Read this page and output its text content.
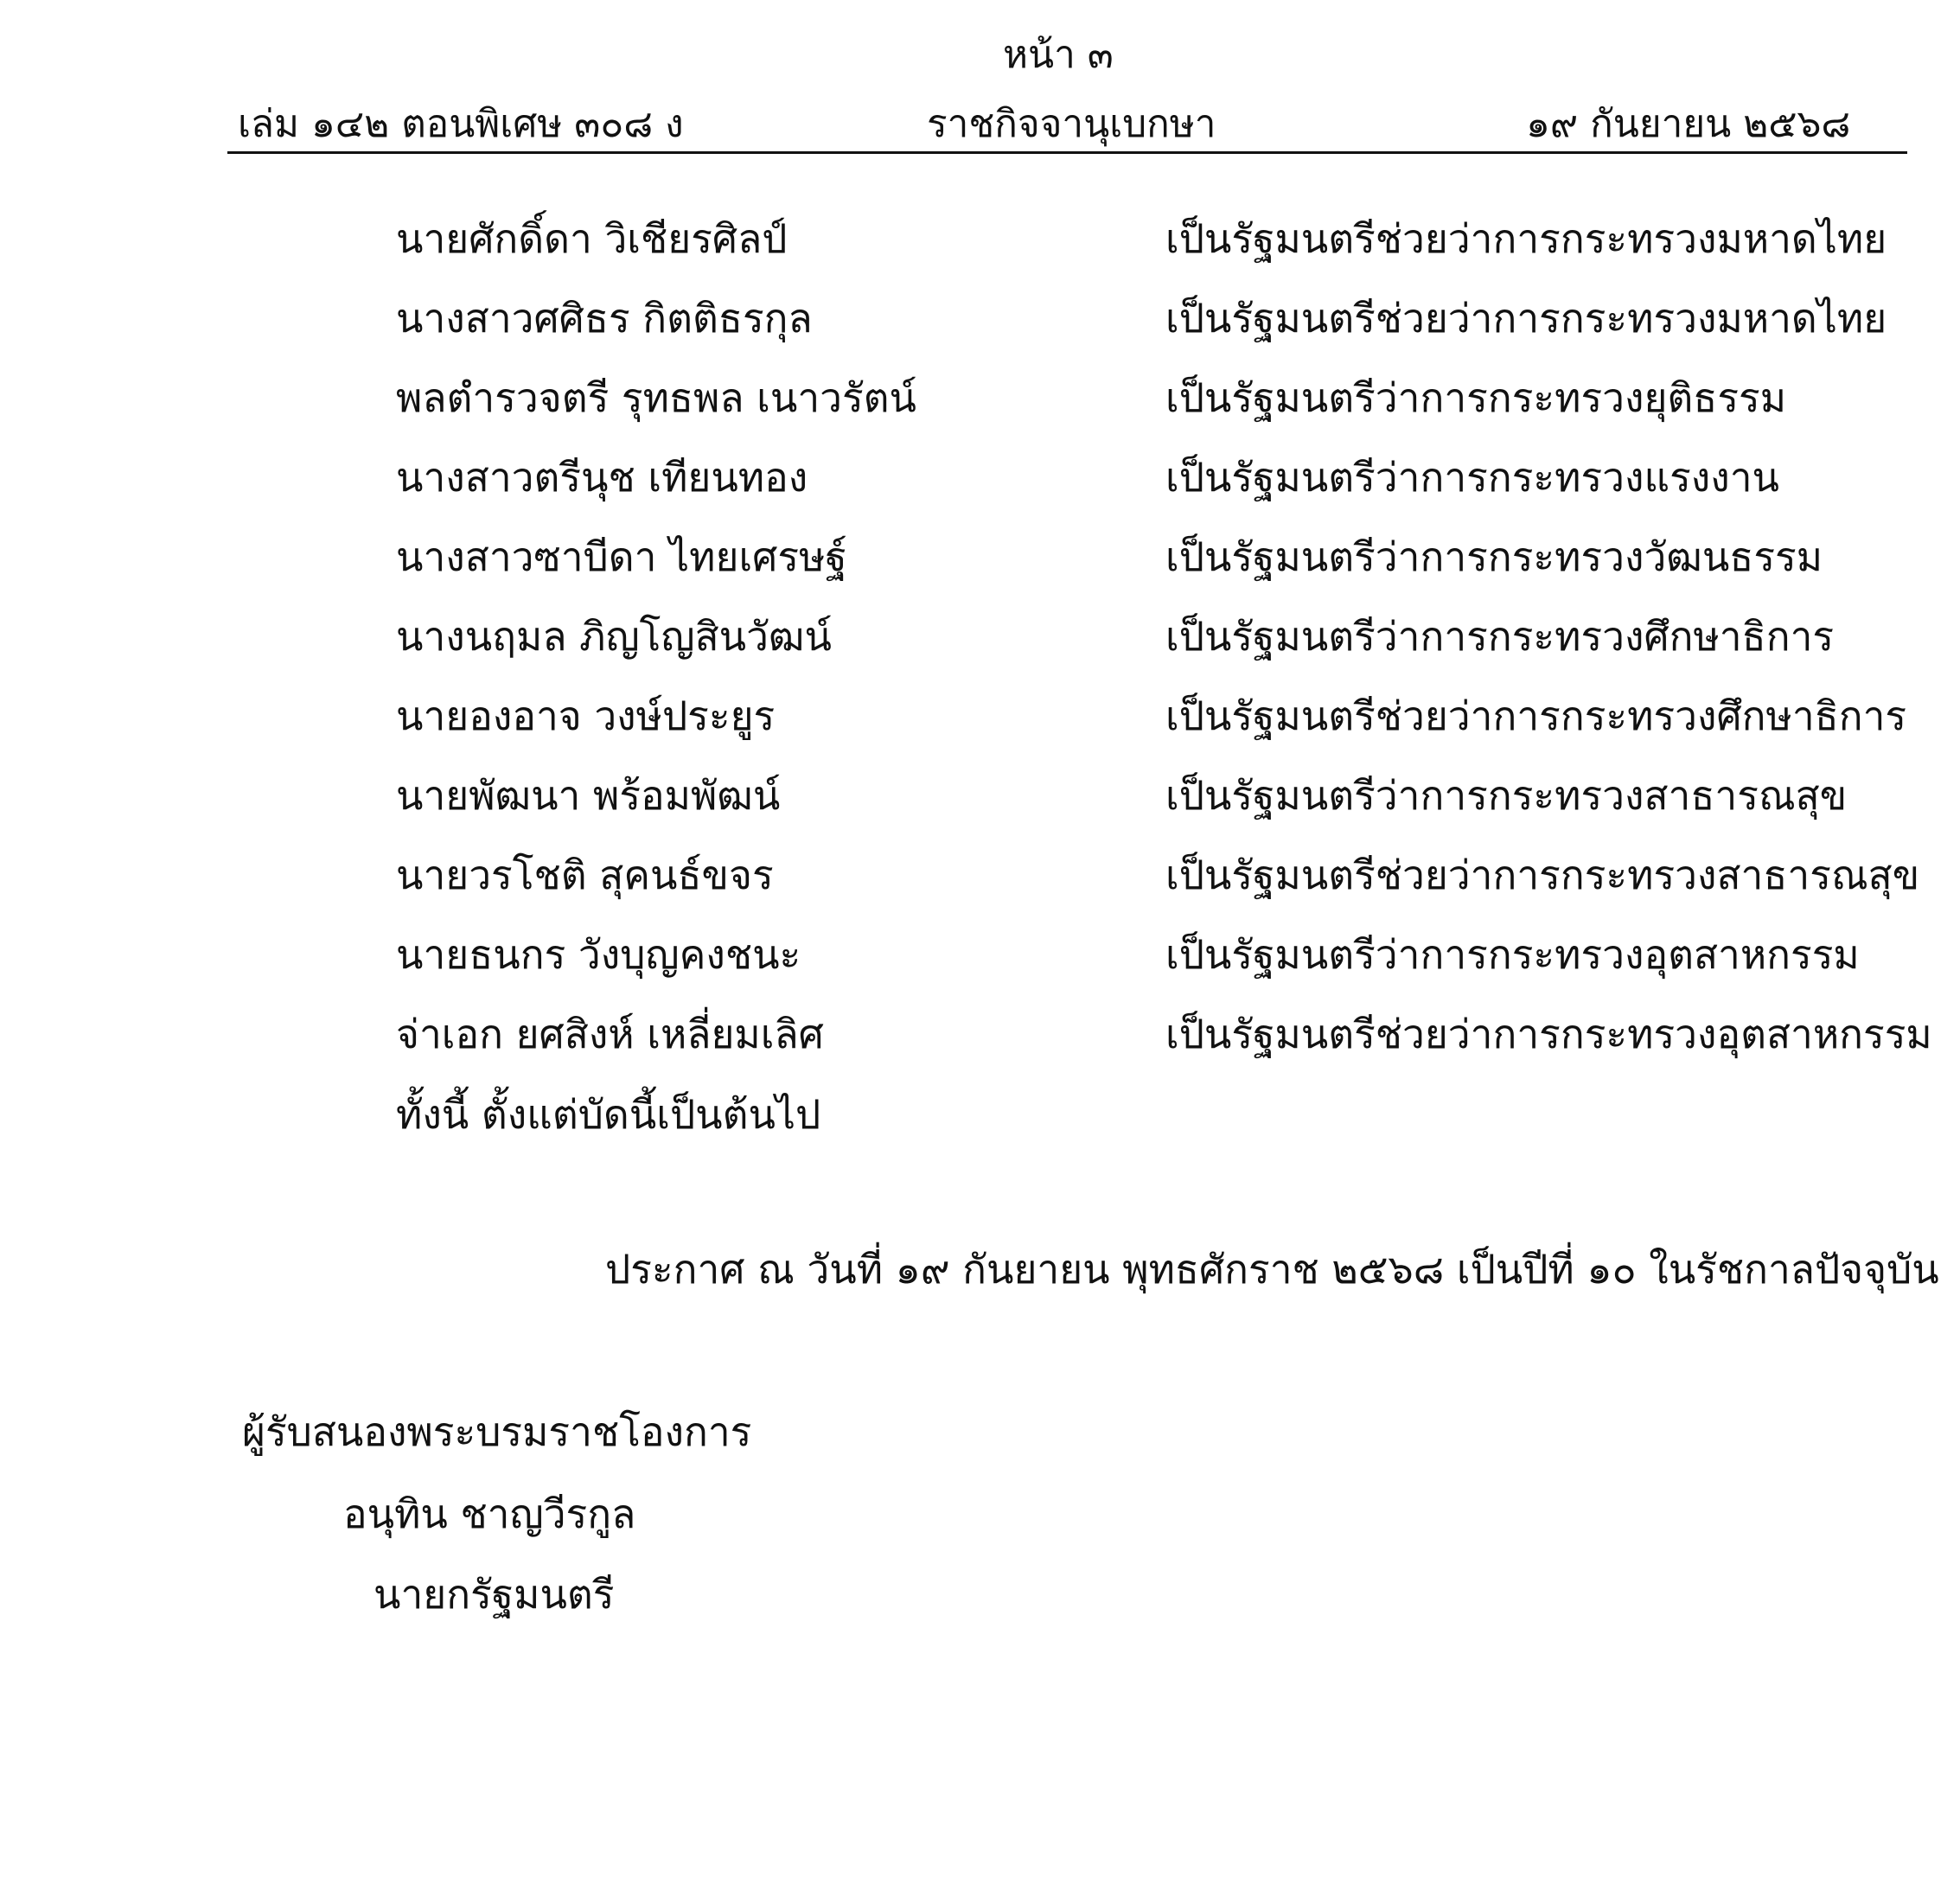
หน้า ๓
เล่ม ๑๔๒ ตอนพิเศษ ๓๐๘ ง	ราชกิจจานุเบกษา	๑๙ กันยายน ๒๕๖๘
นายศักดิ์ดา วิเชียรศิลป์	เป็นรัฐมนตรีช่วยว่าการกระทรวงมหาดไทย
นางสาวศศิธร กิตติธรกุล	เป็นรัฐมนตรีช่วยว่าการกระทรวงมหาดไทย
พลตำรวจตรี รุทธพล เนาวรัตน์	เป็นรัฐมนตรีว่าการกระทรวงยุติธรรม
นางสาวตรีนุช เทียนทอง	เป็นรัฐมนตรีว่าการกระทรวงแรงงาน
นางสาวซาบีดา ไทยเศรษฐ์	เป็นรัฐมนตรีว่าการกระทรวงวัฒนธรรม
นางนฤมล ภิญโญสินวัฒน์	เป็นรัฐมนตรีว่าการกระทรวงศึกษาธิการ
นายองอาจ วงษ์ประยูร	เป็นรัฐมนตรีช่วยว่าการกระทรวงศึกษาธิการ
นายพัฒนา พร้อมพัฒน์	เป็นรัฐมนตรีว่าการกระทรวงสาธารณสุข
นายวรโชติ สุคนธ์ขจร	เป็นรัฐมนตรีช่วยว่าการกระทรวงสาธารณสุข
นายธนกร วังบุญคงชนะ	เป็นรัฐมนตรีว่าการกระทรวงอุตสาหกรรม
จ่าเอก ยศสิงห์ เหลี่ยมเลิศ	เป็นรัฐมนตรีช่วยว่าการกระทรวงอุตสาหกรรม
ทั้งนี้ ตั้งแต่บัดนี้เป็นต้นไป
ประกาศ ณ วันที่ ๑๙ กันยายน พุทธศักราช ๒๕๖๘ เป็นปีที่ ๑๐ ในรัชกาลปัจจุบัน
ผู้รับสนองพระบรมราชโองการ
อนุทิน ชาญวีรกูล
นายกรัฐมนตรี
